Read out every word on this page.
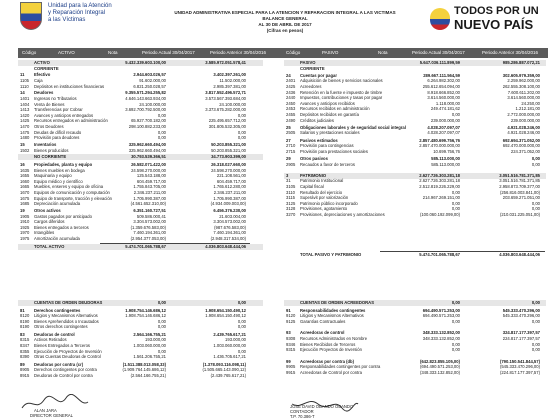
Unidad para la Atención
y Reparación Integral
a las Víctimas
UNIDAD ADMINISTRATIVA ESPECIAL PARA LA ATENCION Y REPARACION INTEGRAL A LAS VICTIMAS
BALANCE GENERAL
AL 30 DE ABRIL DE 2017
(Cifras en pesos)
TODOS POR UN
NUEVO PAÍS
Código	ACTIVO	Nota	Periodo Actual 30/04/2017	Periodo Anterior 30/04/2016	Código	PASIVO	Nota	Periodo Actual 30/04/2017	Periodo Anterior 30/04/2016
ACTIVO	5.432.339.603.100,00	3.585.972.051.578,41
CORRIENTE
11 Efectivo	2.944.603.026,57	3.402.397.261,00
1105 Caja	91.602.000,00	11.502.000,00
1110 Depósitos en instituciones financieras	6.821.250.028,57	2.985.397.381,00
14 Deudores	9.355.571.294.255,82	3.817.552.496.572,71
1401 Ingresos no Tributarios	4.646.143.663.934,00	3.573.567.393.684,00
1404 Venta de Bienes	24.100.000,00	24.100.000,00
1413 Transferencias por Cobrar	3.692.700.792.500,00	3.373.675.282.000,00
1420 Avances y anticipos entregados	0,00	0,00
1425 Recursos entregados en administración	65.927.700.182,00	225.495.657.712,00
1470 Otros Deudores	298.100.882.233,00	301.805.532.305,00
1475 Deudas de difícil recaudo	0,00	0,00
1480 Provisión para deudores	0,00	0,00
15 Inventarios	325.962.660.494,00	50.203.855.321,00
1502 Bienes producidos	325.962.660.494,00	50.203.855.321,00
NO CORRIENTE	30.793.539.366,51	34.773.903.399,00
16 Propiedades, planta y equipo	26.582.071.422,00	26.318.027.660,00
1635 Bienes muebles en bodega	24.598.270.000,00	24.598.270.000,00
1655 Maquinaria y equipo	125.543.188,00	221.108.561,00
1660 Equipo médico y científico	604.459.717,00	604.459.717,00
1665 Muebles, enseres y equipo de oficina	1.755.843.705,00	1.765.612.280,00
1670 Equipos de comunicación y computación	2.346.237.211,00	2.346.237.211,00
1675 Equipo de transporte, tracción y elevación	1.705.990.387,00	1.705.990.387,00
1685 Depreciación acumulada	(4.561.652.310,00)	(4.934.009.003,00)
19 Otros activos	6.351.160.727,51	6.456.376.230,00
1905 Gastos pagados por anticipado	509.586.000,41	21.603.004,00
1910 Cargos diferidos	3.304.573.002,00	3.304.573.002,00
1925 Bienes entregados a terceros	(1.359.676.583,00)	(987.676.583,00)
1970 Intangibles	7.460.194.361,00	7.460.194.361,00
1975 Amortización acumulada	(2.954.377.053,00)	(2.948.317.534,00)
TOTAL ACTIVO	5.474.701.065.788,67	4.036.803.648.444,06
PASIVO	5.647.036.111.899,59	985.286.887.072,21
CORRIENTE
24 Cuentas por pagar	289.667.111.564,59	302.605.979.359,00
2401 Adquisición de bienes y servicios nacionales	6.264.982.302,00	2.259.962.000,00
2425 Acreedores	255.612.654.094,00	262.555.308.100,00
2436 Retención en la fuente e impuesto de timbre	8.918.666.852,00	7.600.611.202,00
2440 Impuestos, contribuciones y tasas por pagar	3.614.560.000,00	3.614.560.000,00
2450 Avances y anticipos recibidos	1.118.000,00	24.250,00
2453 Recursos recibidos en administración	249.474.181,62	1.212.181,00
2455 Depósitos recibidos en garantía	0,00	2.772.000.000,00
2490 Créditos judiciales	239.000.000,00	239.000.000,00
25 Obligaciones laborales y de seguridad social integral	4.028.207.097,07	4.921.028.246,00
2505 Salarios y prestaciones sociales	4.028.207.097,07	4.921.028.246,00
27 Pasivos estimados	2.857.480.699.756,76	692.694.371.052,00
2710 Provisión para contingencias	2.857.470.000.000,00	692.470.000.000,00
2715 Provisión para prestaciones sociales	10.699.756,76	224.371.052,00
29 Otros pasivos	585.113.000,00	0,00
2905 Recaudos a favor de terceros	585.113.000,00	0,00
3	PATRIMONIO	2.627.726.303.281,18	3.051.516.781.371,85
31 Patrimonio Institucional	2.627.726.303.281,18	3.051.516.781.371,85
3105 Capital fiscal	2.512.819.226.229,00	2.958.873.709.377,00
3110 Resultado del ejercicio	0,00	(256.816.003.841,00)
3115 Superávit por valorización	214.967.269.151,00	203.659.271.051,00
3125 Patrimonio público incorporado	0,00	0,00
3128 Provisiones, agotamiento	0,00	0,00
3270 Provisiones, depreciaciones y amortizaciones	(100.060.192.099,00)	(210.031.225.051,00)
TOTAL PASIVO Y PATRIMONIO	5.474.701.065.788,67	4.036.803.648.444,06
CUENTAS DE ORDEN DEUDORAS	0,00	0,00	CUENTAS DE ORDEN ACREEDORAS	0,00	0,00
81 Derechos contingentes	1.908.754.146.686,12	1.908.654.150.490,12
8120 Litigios y Mecanismos Alternativos	1.908.754.146.686,12	1.908.654.150.490,12
8190 Bienes Aprehendidos o Incautados	0,00	0,00
8190 Otros derechos contingentes	0,00	0,00
83 Deudoras de control	2.564.166.755,21	2.439.765.617,21
8315 Activos Retirados	193.000,00	193.000,00
8347 Bienes Entregados a Terceros	1.003.060.000,00	1.003.060.000,00
8355 Ejecución de Proyectos de Inversión	0,00	0,00
8390 Otras Cuentas Deudoras de Control	1.561.206.755,21	1.436.705.617,21
89 Deudoras por contra (cr)	(1.511.388.013.058,33)	(1.378.093.116.098,11)
8905 Derechos contingentes por contra	(1.909.764.145.686,12)	(1.505.665.143.090,12)
8915 Deudoras de Control por contra	(2.564.166.755,21)	(2.439.765.617,21)
91 Responsabilidades contingentes	694.490.571.253,00	545.333.470.296,00
9120 Litigios y Mecanismos Alternativos	694.490.571.253,00	545.333.470.296,00
9125 Garantías Contractuales	0,00	0,00
93 Acreedoras de control	348.333.132.852,00	324.817.177.397,57
9308 Recursos Administrados en Nombre	348.333.132.852,00	224.817.177.397,57
9346 Bienes Recibidos de Terceros	0,00	0,00
9315 Ejecución Proyectos de Inversión	0,00	0,00
99 Acreedoras por contra (db)	(642.823.855.105,00)	(790.150.541.844,57)
9905 Responsabilidades contingentes por contra	(694.490.571.253,00)	(545.333.470.296,00)
9915 Acreedoras de Control por contra	(348.333.132.852,00)	(224.817.177.397,57)
ALAN JARA
DIRECTOR GENERAL
JOSE DAVID OBANDO OBANDO
CONTADOR
T.P. 70.386-T
